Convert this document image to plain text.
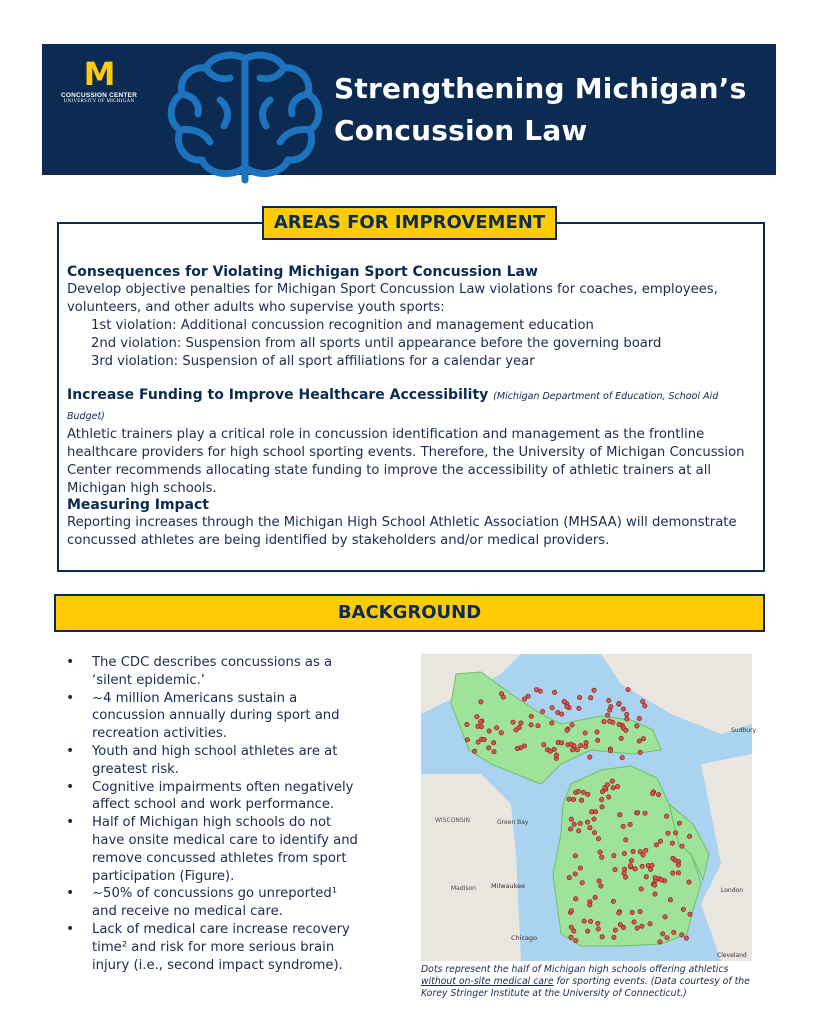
M
CONCUSSION CENTER
UNIVERSITY OF MICHIGAN	Strengthening Michigan’s
Concussion Law
AREAS FOR IMPROVEMENT
Consequences for Violating Michigan Sport Concussion Law

Develop objective penalties for Michigan Sport Concussion Law violations for coaches, employees, volunteers, and other adults who supervise youth sports:

1st violation: Additional concussion recognition and management education

2nd violation: Suspension from all sports until appearance before the governing board

3rd violation: Suspension of all sport affiliations for a calendar year

Increase Funding to Improve Healthcare Accessibility (Michigan Department of Education, School Aid Budget)

Athletic trainers play a critical role in concussion identification and management as the frontline healthcare providers for high school sporting events. Therefore, the University of Michigan Concussion Center recommends allocating state funding to improve the accessibility of athletic trainers at all Michigan high schools.

Measuring Impact

Reporting increases through the Michigan High School Athletic Association (MHSAA) will demonstrate concussed athletes are being identified by stakeholders and/or medical providers.

BACKGROUND
• The CDC describes concussions as a ‘silent epidemic.’
• ~4 million Americans sustain a concussion annually during sport and recreation activities.
• Youth and high school athletes are at greatest risk.
• Cognitive impairments often negatively affect school and work performance.
• Half of Michigan high schools do not have onsite medical care to identify and remove concussed athletes from sport participation (Figure).
• ~50% of concussions go unreported¹ and receive no medical care.
• Lack of medical care increase recovery time² and risk for more serious brain injury (i.e., second impact syndrome).
WISCONSIN	Green Bay
Madison Milwaukee
Chicago
Cleveland
Sudbury
London
Dots represent the half of Michigan high schools offering athletics without on-site medical care for sporting events. (Data courtesy of the Korey Stringer Institute at the University of Connecticut.)
